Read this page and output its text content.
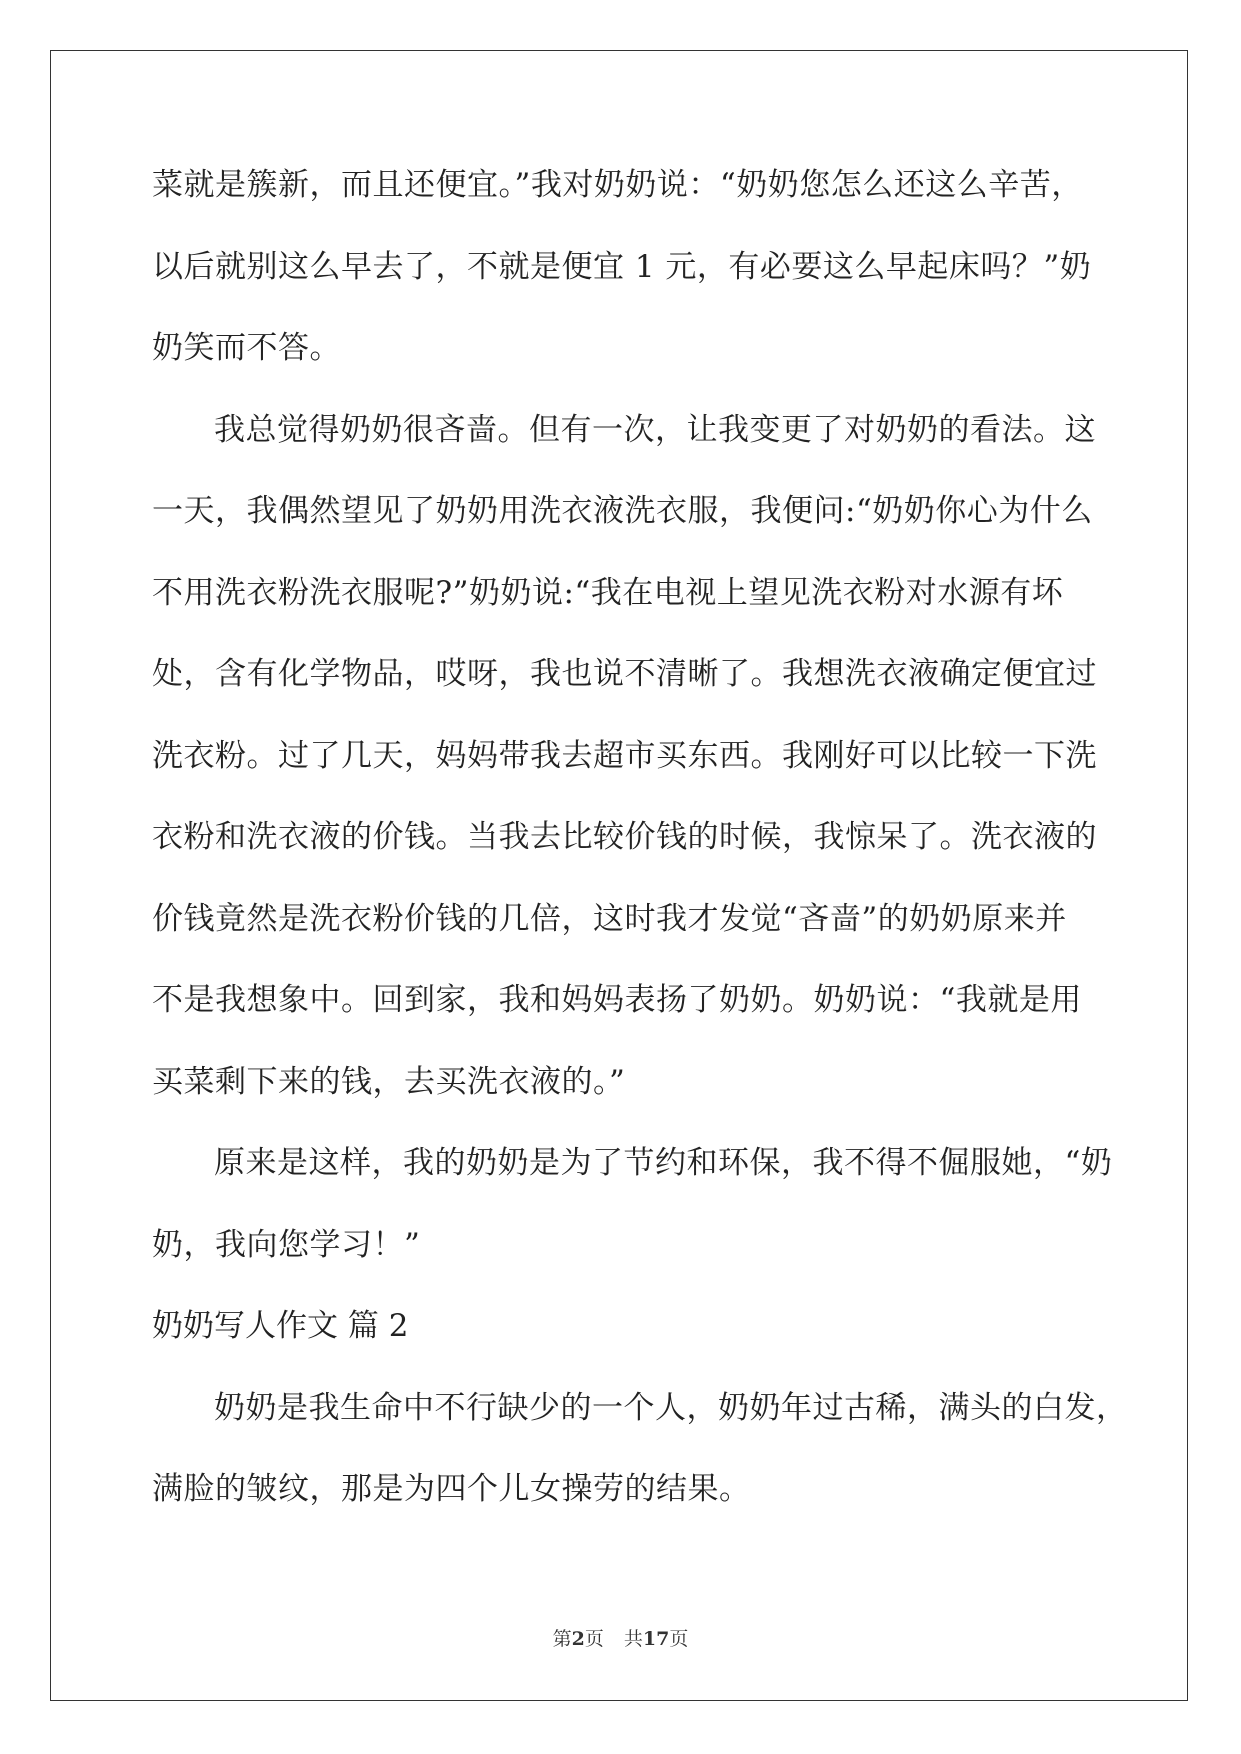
菜就是簇新，而且还便宜。”我对奶奶说：“奶奶您怎么还这么辛苦，
以后就别这么早去了，不就是便宜 1 元，有必要这么早起床吗？”奶
奶笑而不答。
我总觉得奶奶很吝啬。但有一次，让我变更了对奶奶的看法。这
一天，我偶然望见了奶奶用洗衣液洗衣服，我便问:“奶奶你心为什么
不用洗衣粉洗衣服呢?”奶奶说:“我在电视上望见洗衣粉对水源有坏
处，含有化学物品，哎呀，我也说不清晰了。我想洗衣液确定便宜过
洗衣粉。过了几天，妈妈带我去超市买东西。我刚好可以比较一下洗
衣粉和洗衣液的价钱。当我去比较价钱的时候，我惊呆了。洗衣液的
价钱竟然是洗衣粉价钱的几倍，这时我才发觉“吝啬”的奶奶原来并
不是我想象中。回到家，我和妈妈表扬了奶奶。奶奶说：“我就是用
买菜剩下来的钱，去买洗衣液的。”
原来是这样，我的奶奶是为了节约和环保，我不得不倔服她，“奶
奶，我向您学习！”
奶奶写人作文 篇 2
奶奶是我生命中不行缺少的一个人，奶奶年过古稀，满头的白发，
满脸的皱纹，那是为四个儿女操劳的结果。
第2页 共17页
